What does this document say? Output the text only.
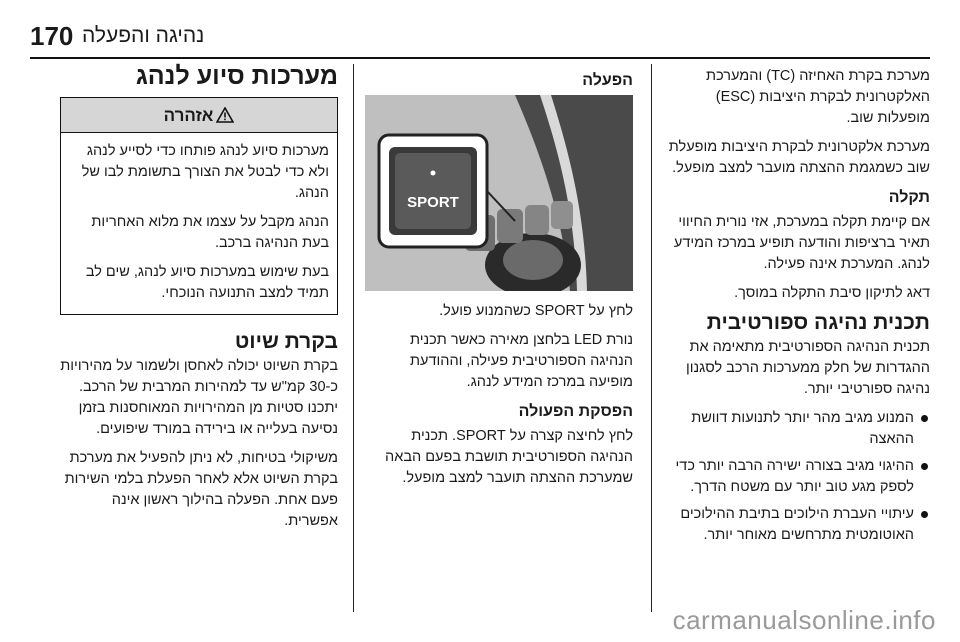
170 נהיגה והפעלה

מערכת בקרת האחיזה (TC) והמערכת האלקטרונית לבקרת היציבות (ESC) מופעלות שוב.

מערכת אלקטרונית לבקרת היציבות מופעלת שוב כשמגמת ההצתה מועבר למצב מופעל.

תקלה

אם קיימת תקלה במערכת, אזי נורית החיווי תאיר ברציפות והודעה תופיע במרכז המידע לנהג. המערכת אינה פעילה.

דאג לתיקון סיבת התקלה במוסך.

תכנית נהיגה ספורטיבית

תכנית הנהיגה הספורטיבית מתאימה את ההגדרות של חלק ממערכות הרכב לסגנון נהיגה ספורטיבי יותר.

המנוע מגיב מהר יותר לתנועות דוושת ההאצה
ההיגוי מגיב בצורה ישירה הרבה יותר כדי לספק מגע טוב יותר עם משטח הדרך.
עיתויי העברת הילוכים בתיבת ההילוכים האוטומטית מתרחשים מאוחר יותר.
הפעלה
SPORT

לחץ על SPORT כשהמנוע פועל.

נורת LED בלחצן מאירה כאשר תכנית הנהיגה הספורטיבית פעילה, וההודעת מופיעה במרכז המידע לנהג.

הפסקת הפעולה

לחץ לחיצה קצרה על SPORT. תכנית הנהיגה הספורטיבית תושבת בפעם הבאה שמערכת ההצתה תועבר למצב מופעל.

מערכות סיוע לנהג
אזהרה

מערכות סיוע לנהג פותחו כדי לסייע לנהג ולא כדי לבטל את הצורך בתשומת לבו של הנהג.

הנהג מקבל על עצמו את מלוא האחריות בעת הנהיגה ברכב.

בעת שימוש במערכות סיוע לנהג, שים לב תמיד למצב התנועה הנוכחי.

בקרת שיוט

בקרת השיוט יכולה לאחסן ולשמור על מהירויות כ-30 קמ"ש עד למהירות המרבית של הרכב. יתכנו סטיות מן המהירויות המאוחסנות בזמן נסיעה בעלייה או בירידה במורד שיפועים.

משיקולי בטיחות, לא ניתן להפעיל את מערכת בקרת השיוט אלא לאחר הפעלת בלמי השירות פעם אחת. הפעלה בהילוך ראשון אינה אפשרית.

carmanualsonline.info
